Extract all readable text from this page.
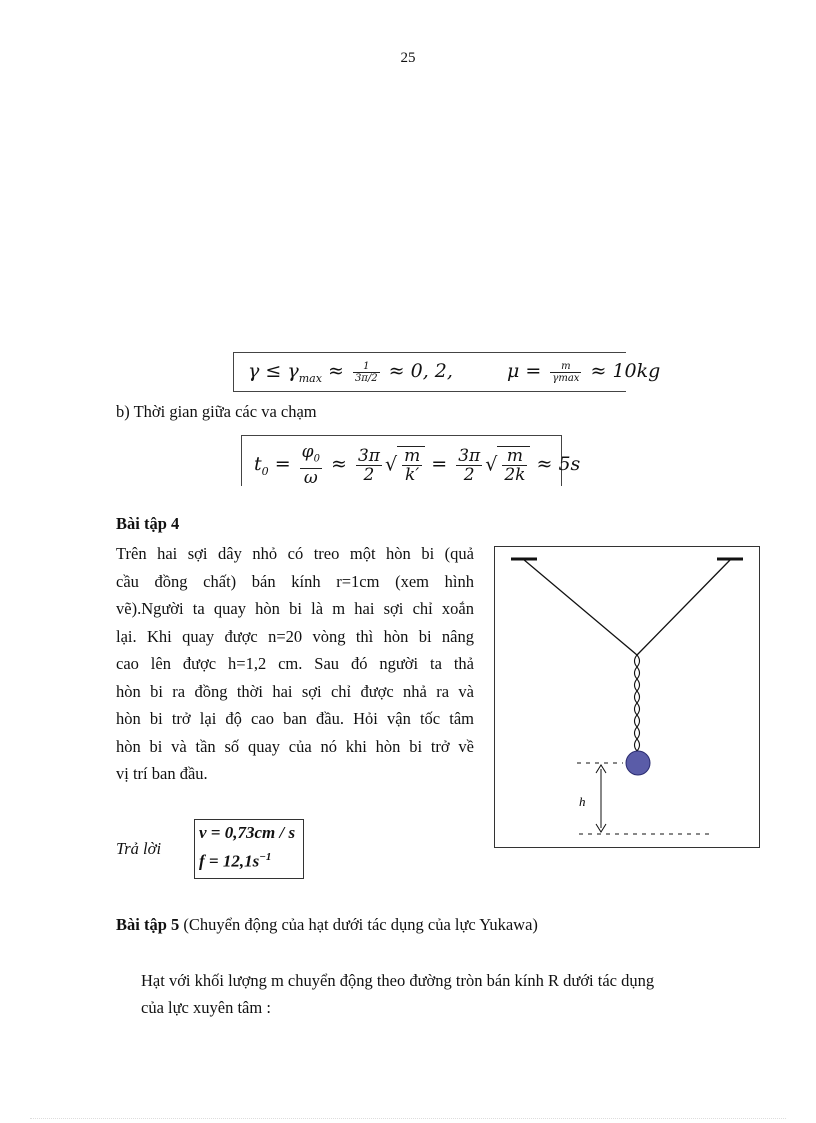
25
$\gamma \le \gamma_{max} \approx \frac{1}{3\pi/2} \approx 0$, 2,	$\mu = \frac{m}{\gamma\max} \approx 10kg$
b) Thời gian giữa các va chạm
$t_0 = \frac{\varphi_0}{\omega} \approx \frac{3\pi}{2}$ √ $\frac{m}{k'} = \frac{3\pi}{2}$ √ $\frac{m}{2k} \approx 5s$
Bài tập 4
Trên hai sợi dây nhỏ có treo một hòn bi (quả
cầu đồng chất) bán kính r=1cm (xem hình
vẽ).Người ta quay hòn bi là m hai sợi chỉ xoắn
lại. Khi quay được n=20 vòng thì hòn bi nâng
cao lên được h=1,2 cm. Sau đó người ta thả
hòn bi ra đồng thời hai sợi chỉ được nhả ra và
hòn bi trở lại độ cao ban đầu. Hỏi vận tốc tâm
hòn bi và tần số quay của nó khi hòn bi trở về
vị trí ban đầu.
h
Trả lời
v = 0,73cm / s
$f = 12,1s^{-1}$
Bài tập 5 (Chuyển động của hạt dưới tác dụng của lực Yukawa)
Hạt với khối lượng m chuyển động theo đường tròn bán kính R dưới tác dụng
của lực xuyên tâm :
